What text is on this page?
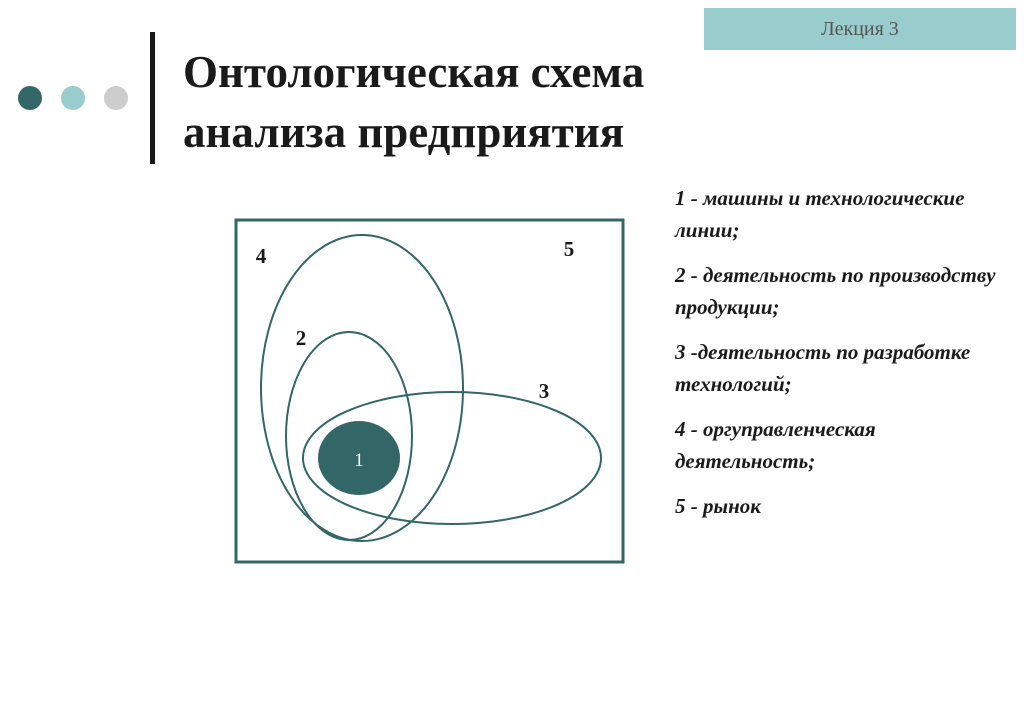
Лекция 3
Онтологическая схема
анализа предприятия
1
2
3
4	5
1 - машины и технологические линии;
2 - деятельность по производству продукции;
3 -деятельность по разработке технологий;
4 - оргуправленческая деятельность;
5 - рынок
